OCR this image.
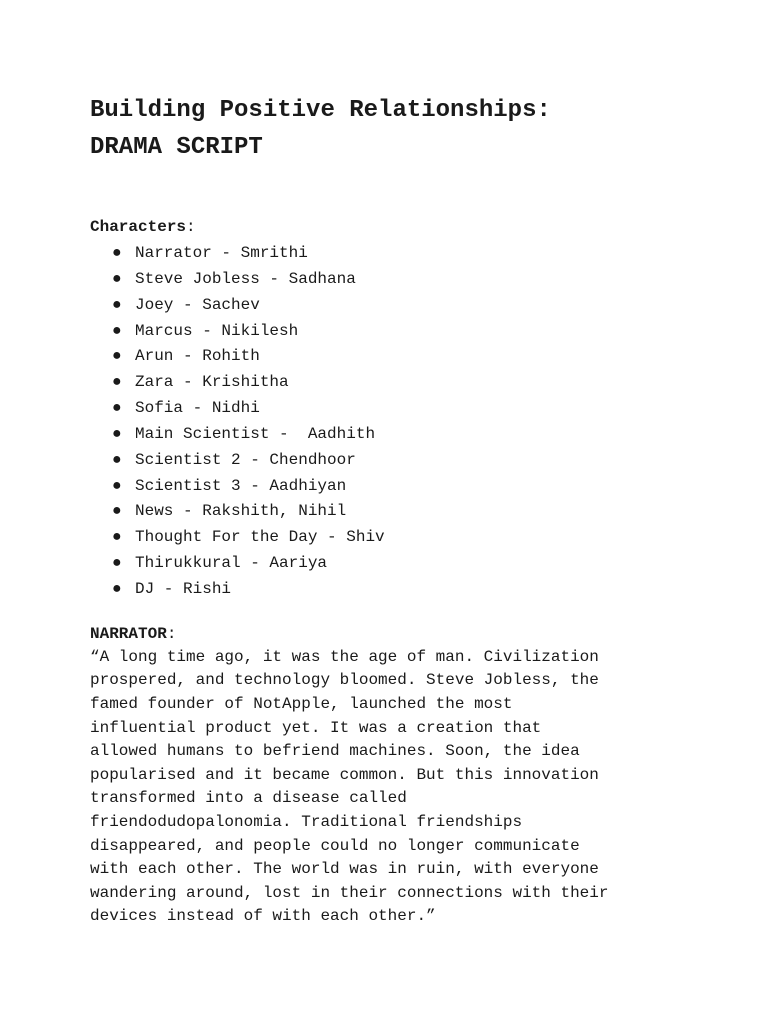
Building Positive Relationships:
DRAMA SCRIPT

Characters:

● Narrator - Smrithi
● Steve Jobless - Sadhana
● Joey - Sachev
● Marcus - Nikilesh
● Arun - Rohith
● Zara - Krishitha
● Sofia - Nidhi
● Main Scientist -  Aadhith
● Scientist 2 - Chendhoor
● Scientist 3 - Aadhiyan
● News - Rakshith, Nihil
● Thought For the Day - Shiv
● Thirukkural - Aariya
● DJ - Rishi

NARRATOR:

“A long time ago, it was the age of man. Civilization
prospered, and technology bloomed. Steve Jobless, the
famed founder of NotApple, launched the most
influential product yet. It was a creation that
allowed humans to befriend machines. Soon, the idea
popularised and it became common. But this innovation
transformed into a disease called
friendodudopalonomia. Traditional friendships
disappeared, and people could no longer communicate
with each other. The world was in ruin, with everyone
wandering around, lost in their connections with their
devices instead of with each other.”
